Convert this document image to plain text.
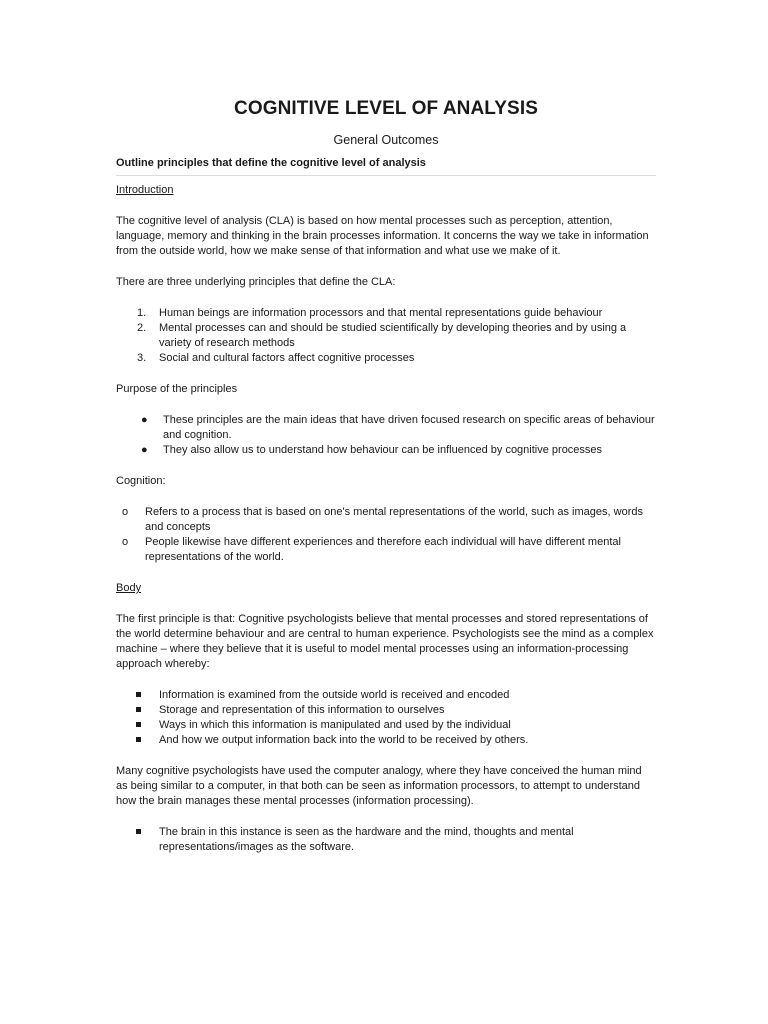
COGNITIVE LEVEL OF ANALYSIS
General Outcomes
Outline principles that define the cognitive level of analysis
Introduction

The cognitive level of analysis (CLA) is based on how mental processes such as perception, attention, language, memory and thinking in the brain processes information. It concerns the way we take in information from the outside world, how we make sense of that information and what use we make of it.

There are three underlying principles that define the CLA:

1. Human beings are information processors and that mental representations guide behaviour
2. Mental processes can and should be studied scientifically by developing theories and by using a variety of research methods
3. Social and cultural factors affect cognitive processes

Purpose of the principles

● These principles are the main ideas that have driven focused research on specific areas of behaviour and cognition.
● They also allow us to understand how behaviour can be influenced by cognitive processes

Cognition:

o Refers to a process that is based on one's mental representations of the world, such as images, words and concepts
o People likewise have different experiences and therefore each individual will have different mental representations of the world.
Body

The first principle is that: Cognitive psychologists believe that mental processes and stored representations of the world determine behaviour and are central to human experience. Psychologists see the mind as a complex machine – where they believe that it is useful to model mental processes using an information-processing approach whereby:

Information is examined from the outside world is received and encoded
Storage and representation of this information to ourselves
Ways in which this information is manipulated and used by the individual
And how we output information back into the world to be received by others.

Many cognitive psychologists have used the computer analogy, where they have conceived the human mind as being similar to a computer, in that both can be seen as information processors, to attempt to understand how the brain manages these mental processes (information processing).

The brain in this instance is seen as the hardware and the mind, thoughts and mental representations/images as the software.
